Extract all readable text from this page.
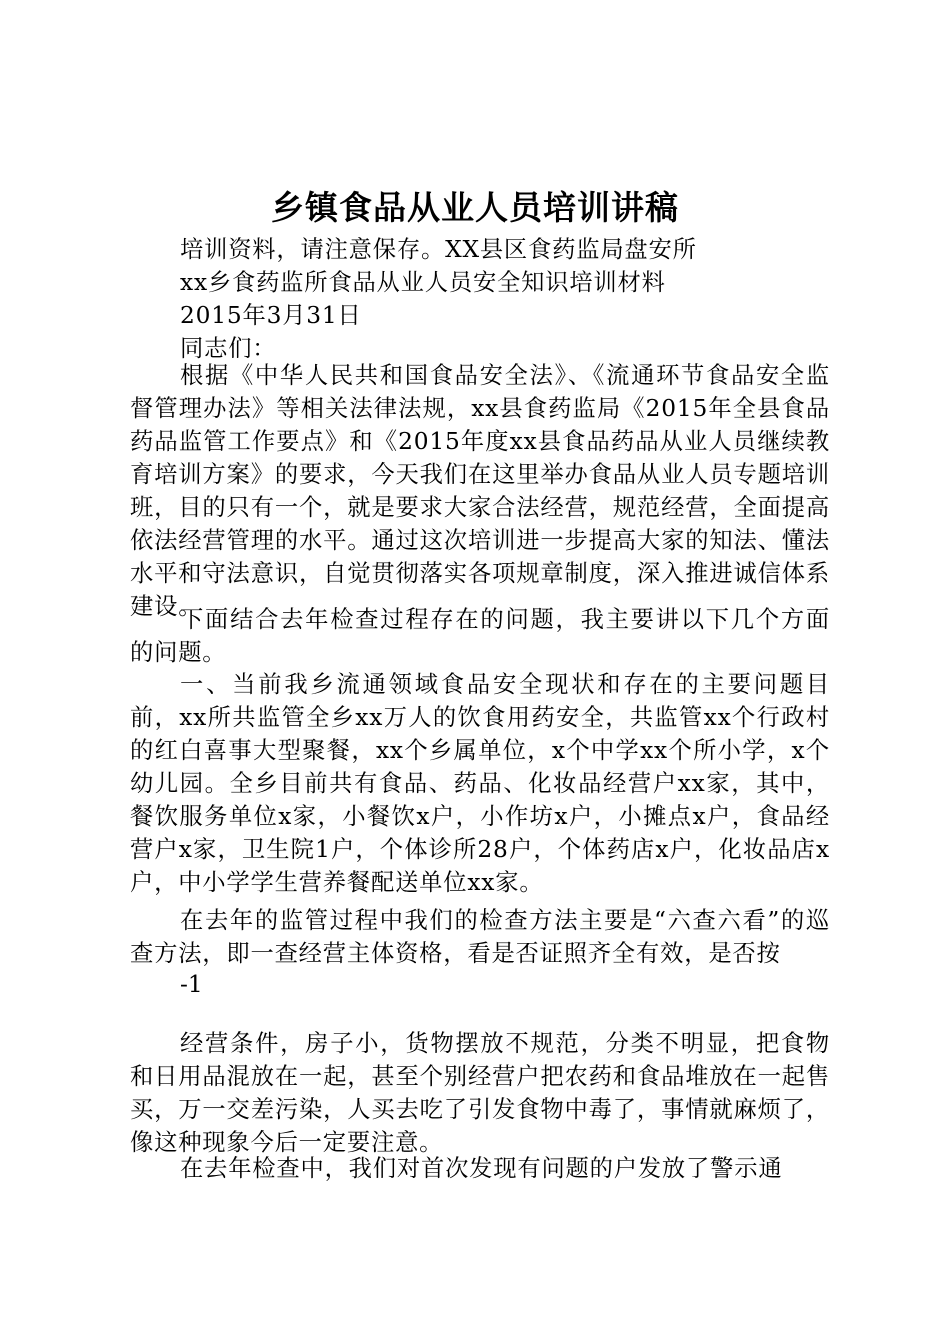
乡镇食品从业人员培训讲稿
培训资料，请注意保存。XX县区食药监局盘安所
xx乡食药监所食品从业人员安全知识培训材料
2015年3月31日
同志们：
根据《中华人民共和国食品安全法》、《流通环节食品安全监督管理办法》等相关法律法规，xx县食药监局《2015年全县食品药品监管工作要点》和《2015年度xx县食品药品从业人员继续教育培训方案》的要求，今天我们在这里举办食品从业人员专题培训班，目的只有一个，就是要求大家合法经营，规范经营，全面提高依法经营管理的水平。通过这次培训进一步提高大家的知法、懂法水平和守法意识，自觉贯彻落实各项规章制度，深入推进诚信体系建设。
下面结合去年检查过程存在的问题，我主要讲以下几个方面的问题。
一、当前我乡流通领域食品安全现状和存在的主要问题目前，xx所共监管全乡xx万人的饮食用药安全，共监管xx个行政村的红白喜事大型聚餐，xx个乡属单位，x个中学xx个所小学，x个幼儿园。全乡目前共有食品、药品、化妆品经营户xx家，其中，餐饮服务单位x家，小餐饮x户，小作坊x户，小摊点x户，食品经营户x家，卫生院1户，个体诊所28户，个体药店x户，化妆品店x户，中小学学生营养餐配送单位xx家。
在去年的监管过程中我们的检查方法主要是“六查六看”的巡查方法，即一查经营主体资格，看是否证照齐全有效，是否按
-1
经营条件，房子小，货物摆放不规范，分类不明显，把食物和日用品混放在一起，甚至个别经营户把农药和食品堆放在一起售买，万一交差污染，人买去吃了引发食物中毒了，事情就麻烦了，像这种现象今后一定要注意。
在去年检查中，我们对首次发现有问题的户发放了警示通
